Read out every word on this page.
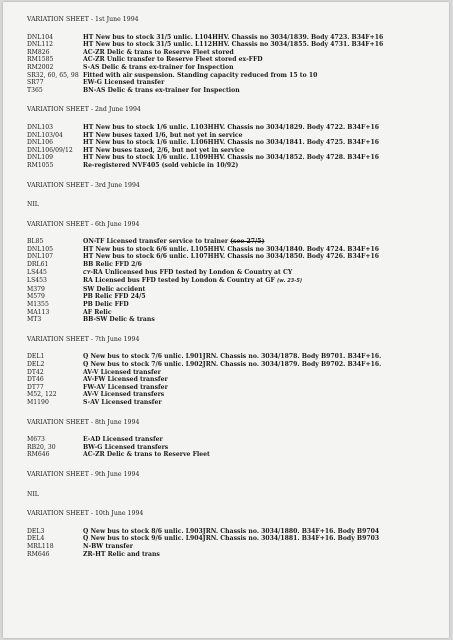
VARIATION SHEET - 1st June 1994
DNL104	HT New bus to stock 31/5 unlic. L104HHV. Chassis no 3034/1839. Body 4723. B34F+16
DNL112	HT New bus to stock 31/5 unlic. L112HHV. Chassis no 3034/1855. Body 4731. B34F+16
RM826	AC-ZR Delic & trans to Reserve Fleet stored
RM1585	AC-ZR Unlic transfer to Reserve Fleet stored ex-FFD
RM2002	S-AS Delic & trans ex-trainer for Inspection
SR32, 60, 65, 98 Fitted with air suspension. Standing capacity reduced from 15 to 10
SR77	EW-G Licensed transfer
T365	BN-AS Delic & trans ex-trainer for Inspection
VARIATION SHEET - 2nd June 1994
DNL103	HT New bus to stock 1/6 unlic. L103HHV. Chassis no 3034/1829. Body 4722. B34F+16
DNL103/04	HT New buses taxed 1/6, but not yet in service
DNL106	HT New bus to stock 1/6 unlic. L106HHV. Chassis no 3034/1841. Body 4725. B34F+16
DNL106/09/12	HT New buses taxed, 2/6, but not yet in service
DNL109	HT New bus to stock 1/6 unlic. L109HHV. Chassis no 3034/1852. Body 4728. B34F+16
RM1055	Re-registered NVF405 (sold vehicle in 10/92)
VARIATION SHEET - 3rd June 1994
NIL
VARIATION SHEET - 6th June 1994
BL85	ON-TF Licensed transfer service to trainer (see 27/5)
DNL105	HT New bus to stock 6/6 unlic. L105HHV. Chassis no 3034/1840. Body 4724. B34F+16
DNL107	HT New bus to stock 6/6 unlic. L107HHV. Chassis no 3034/1850. Body 4726. B34F+16
DRL61	BB Relic FFD 2/6
LS445	CY-RA Unlicensed bus FFD tested by London & Country at CY
LS453	RA Licensed bus FFD tested by London & Country at GF (w. 23-5)
M379	SW Delic accident
M579	PB Relic FFD 24/5
M1355	PB Delic FFD
MA113	AF Relic
MT3	BB-SW Delic & trans
VARIATION SHEET - 7th June 1994
DEL1	Q New bus to stock 7/6 unlic. L901JRN. Chassis no. 3034/1878. Body B9701. B34F+16.
DEL2	Q New bus to stock 7/6 unlic. L902JRN. Chassis no. 3034/1879. Body B9702. B34F+16.
DT42	AV-V Licensed transfer
DT46	AV-FW Licensed transfer
DT77	FW-AV Licensed transfer
M52, 122	AV-V Licensed transfers
M1190	S-AV Licensed transfer
VARIATION SHEET - 8th June 1994
M673	E-AD Licensed transfer
RB20, 30	BW-G Licensed transfers
RM646	AC-ZR Delic & trans to Reserve Fleet
VARIATION SHEET - 9th June 1994
NIL
VARIATION SHEET - 10th June 1994
DEL3	Q New bus to stock 8/6 unlic. L903JRN. Chassis no. 3034/1880. B34F+16. Body B9704
DEL4	Q New bus to stock 9/6 unlic. L904JRN. Chassis no. 3034/1881. B34F+16. Body B9703
MRL118	N-BW transfer
RM646	ZR-HT Relic and trans
